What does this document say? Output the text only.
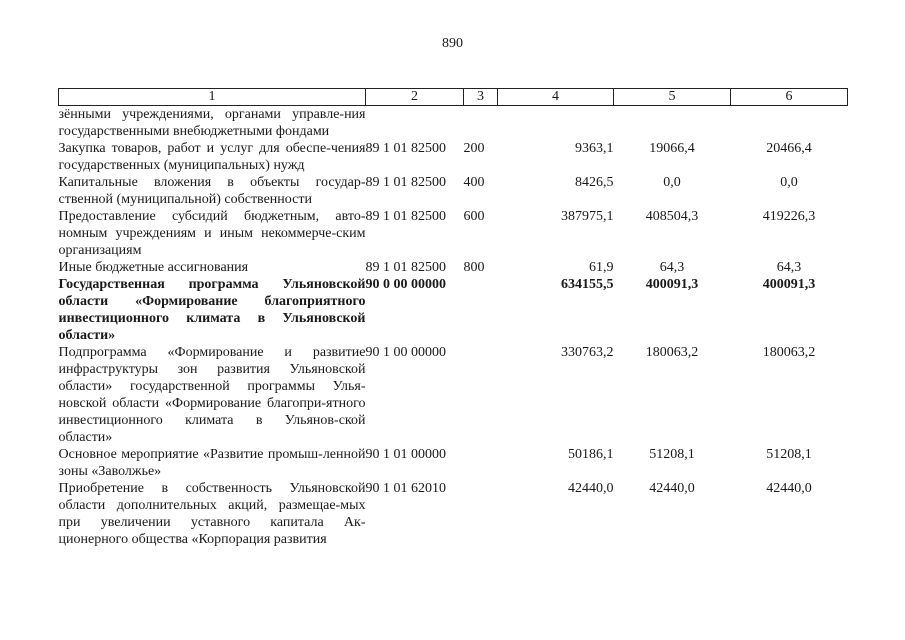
890
1	2	3	4	5	6
зёнными учреждениями, органами управле-ния государственными внебюджетными фондами					
Закупка товаров, работ и услуг для обеспе-чения государственных (муниципальных) нужд	89 1 01 82500	200	9363,1	19066,4	20466,4
Капитальные вложения в объекты государ-ственной (муниципальной) собственности	89 1 01 82500	400	8426,5	0,0	0,0
Предоставление субсидий бюджетным, авто-номным учреждениям и иным некоммерче-ским организациям	89 1 01 82500	600	387975,1	408504,3	419226,3
Иные бюджетные ассигнования	89 1 01 82500	800	61,9	64,3	64,3
Государственная программа Ульяновской области «Формирование благоприятного инвестиционного климата в Ульяновской области»	90 0 00 00000		634155,5	400091,3	400091,3
Подпрограмма «Формирование и развитие инфраструктуры зон развития Ульяновской области» государственной программы Улья-новской области «Формирование благопри-ятного инвестиционного климата в Ульянов-ской области»	90 1 00 00000		330763,2	180063,2	180063,2
Основное мероприятие «Развитие промыш-ленной зоны «Заволжье»	90 1 01 00000		50186,1	51208,1	51208,1
Приобретение в собственность Ульяновской области дополнительных акций, размещае-мых при увеличении уставного капитала Ак-ционерного общества «Корпорация развития	90 1 01 62010		42440,0	42440,0	42440,0
